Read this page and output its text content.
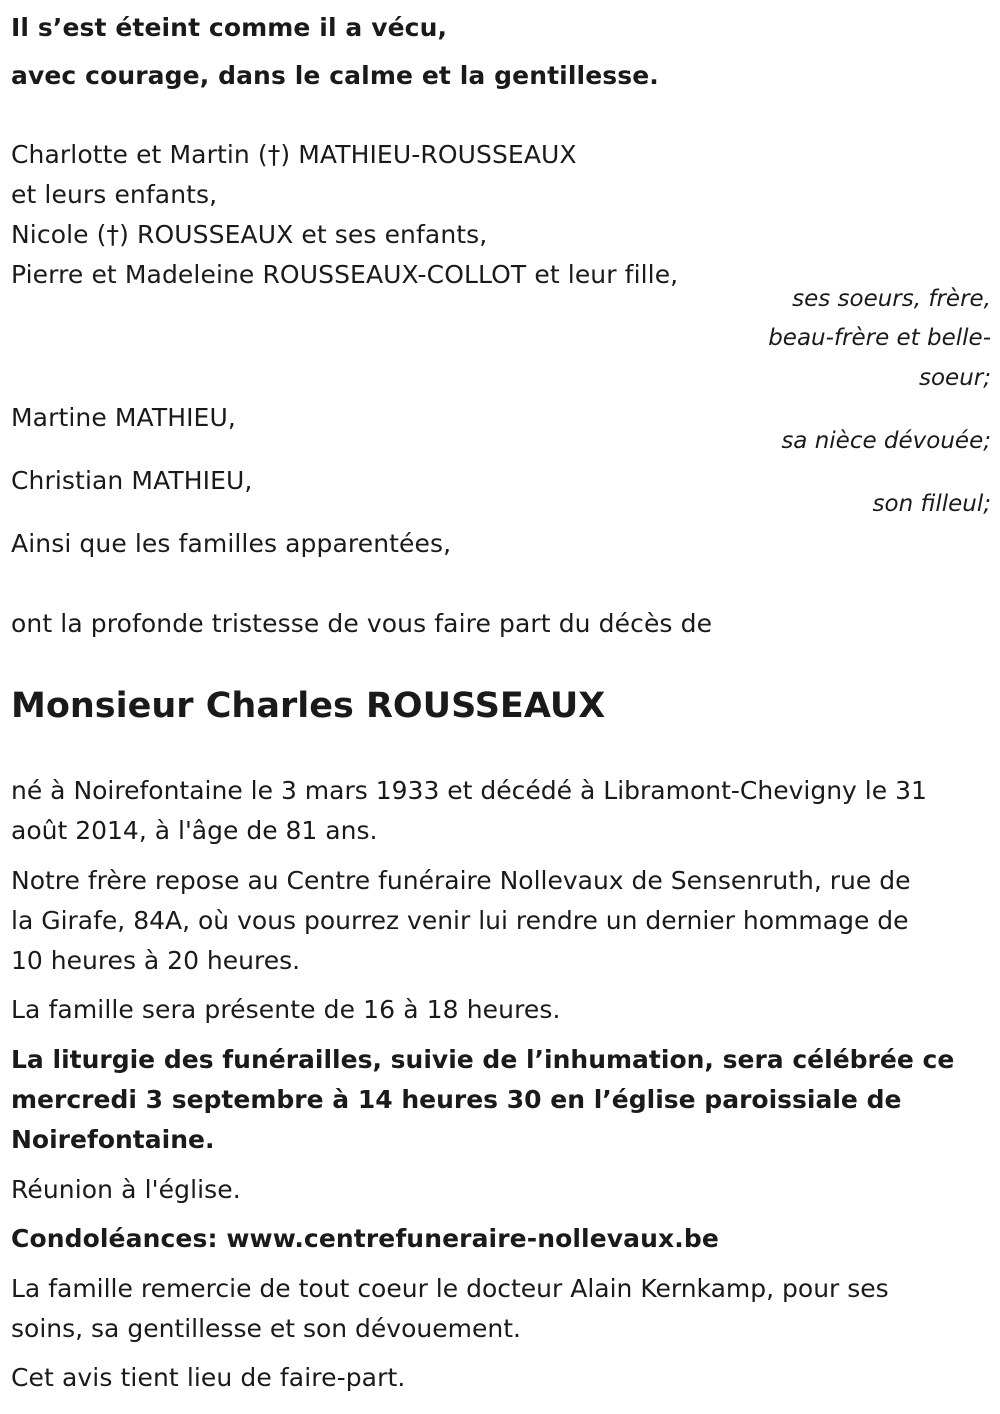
Il s’est éteint comme il a vécu,
avec courage, dans le calme et la gentillesse.
Charlotte et Martin (†) MATHIEU-ROUSSEAUX
et leurs enfants,
Nicole (†) ROUSSEAUX et ses enfants,
Pierre et Madeleine ROUSSEAUX-COLLOT et leur fille,
ses soeurs, frère,
beau-frère et belle-
soeur;
Martine MATHIEU,
sa nièce dévouée;
Christian MATHIEU,
son filleul;
Ainsi que les familles apparentées,
ont la profonde tristesse de vous faire part du décès de
Monsieur Charles ROUSSEAUX
né à Noirefontaine le 3 mars 1933 et décédé à Libramont-Chevigny le 31
août 2014, à l'âge de 81 ans.
Notre frère repose au Centre funéraire Nollevaux de Sensenruth, rue de
la Girafe, 84A, où vous pourrez venir lui rendre un dernier hommage de
10 heures à 20 heures.
La famille sera présente de 16 à 18 heures.
La liturgie des funérailles, suivie de l’inhumation, sera célébrée ce
mercredi 3 septembre à 14 heures 30 en l’église paroissiale de
Noirefontaine.
Réunion à l'église.
Condoléances: www.centrefuneraire-nollevaux.be
La famille remercie de tout coeur le docteur Alain Kernkamp, pour ses
soins, sa gentillesse et son dévouement.
Cet avis tient lieu de faire-part.
